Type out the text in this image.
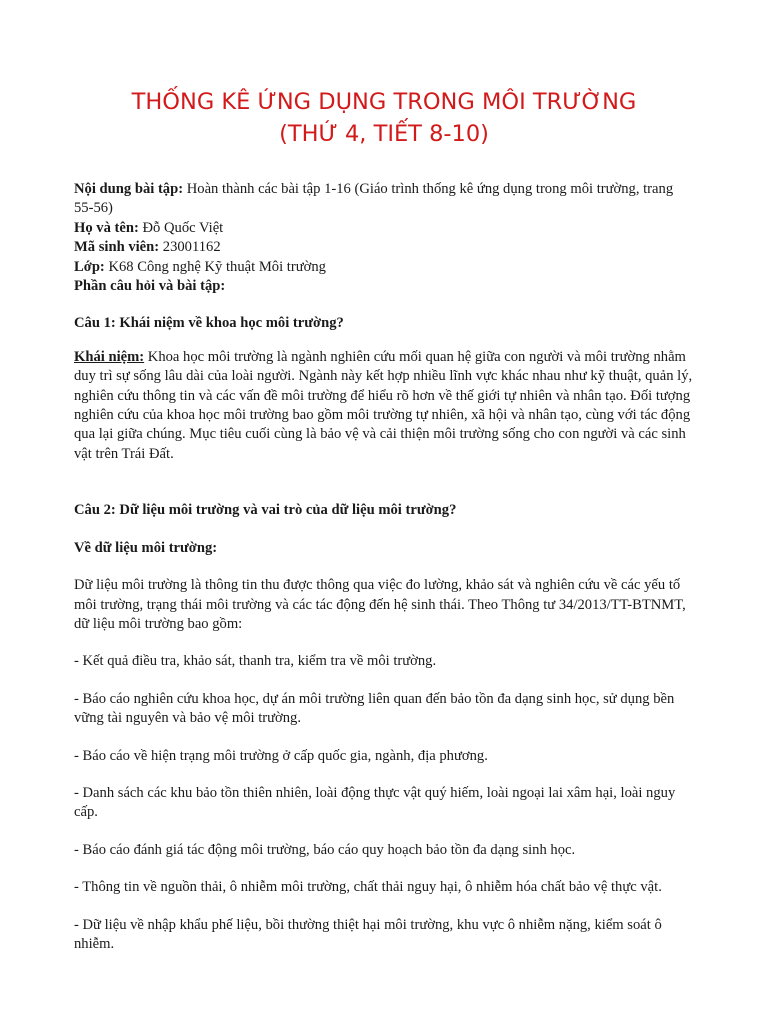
THỐNG KÊ ỨNG DỤNG TRONG MÔI TRƯỜNG
(THỨ 4, TIẾT 8-10)

Nội dung bài tập: Hoàn thành các bài tập 1-16 (Giáo trình thống kê ứng dụng trong môi trường, trang 55-56)

Họ và tên: Đỗ Quốc Việt

Mã sinh viên: 23001162

Lớp: K68 Công nghệ Kỹ thuật Môi trường

Phần câu hỏi và bài tập:

Câu 1: Khái niệm về khoa học môi trường?

Khái niệm: Khoa học môi trường là ngành nghiên cứu mối quan hệ giữa con người và môi trường nhằm duy trì sự sống lâu dài của loài người. Ngành này kết hợp nhiều lĩnh vực khác nhau như kỹ thuật, quản lý, nghiên cứu thông tin và các vấn đề môi trường để hiểu rõ hơn về thế giới tự nhiên và nhân tạo. Đối tượng nghiên cứu của khoa học môi trường bao gồm môi trường tự nhiên, xã hội và nhân tạo, cùng với tác động qua lại giữa chúng. Mục tiêu cuối cùng là bảo vệ và cải thiện môi trường sống cho con người và các sinh vật trên Trái Đất.

Câu 2: Dữ liệu môi trường và vai trò của dữ liệu môi trường?

Về dữ liệu môi trường:

Dữ liệu môi trường là thông tin thu được thông qua việc đo lường, khảo sát và nghiên cứu về các yếu tố môi trường, trạng thái môi trường và các tác động đến hệ sinh thái. Theo Thông tư 34/2013/TT-BTNMT, dữ liệu môi trường bao gồm:

- Kết quả điều tra, khảo sát, thanh tra, kiểm tra về môi trường.

- Báo cáo nghiên cứu khoa học, dự án môi trường liên quan đến bảo tồn đa dạng sinh học, sử dụng bền vững tài nguyên và bảo vệ môi trường.

- Báo cáo về hiện trạng môi trường ở cấp quốc gia, ngành, địa phương.

- Danh sách các khu bảo tồn thiên nhiên, loài động thực vật quý hiếm, loài ngoại lai xâm hại, loài nguy cấp.

- Báo cáo đánh giá tác động môi trường, báo cáo quy hoạch bảo tồn đa dạng sinh học.

- Thông tin về nguồn thải, ô nhiễm môi trường, chất thải nguy hại, ô nhiễm hóa chất bảo vệ thực vật.

- Dữ liệu về nhập khẩu phế liệu, bồi thường thiệt hại môi trường, khu vực ô nhiễm nặng, kiểm soát ô nhiễm.
